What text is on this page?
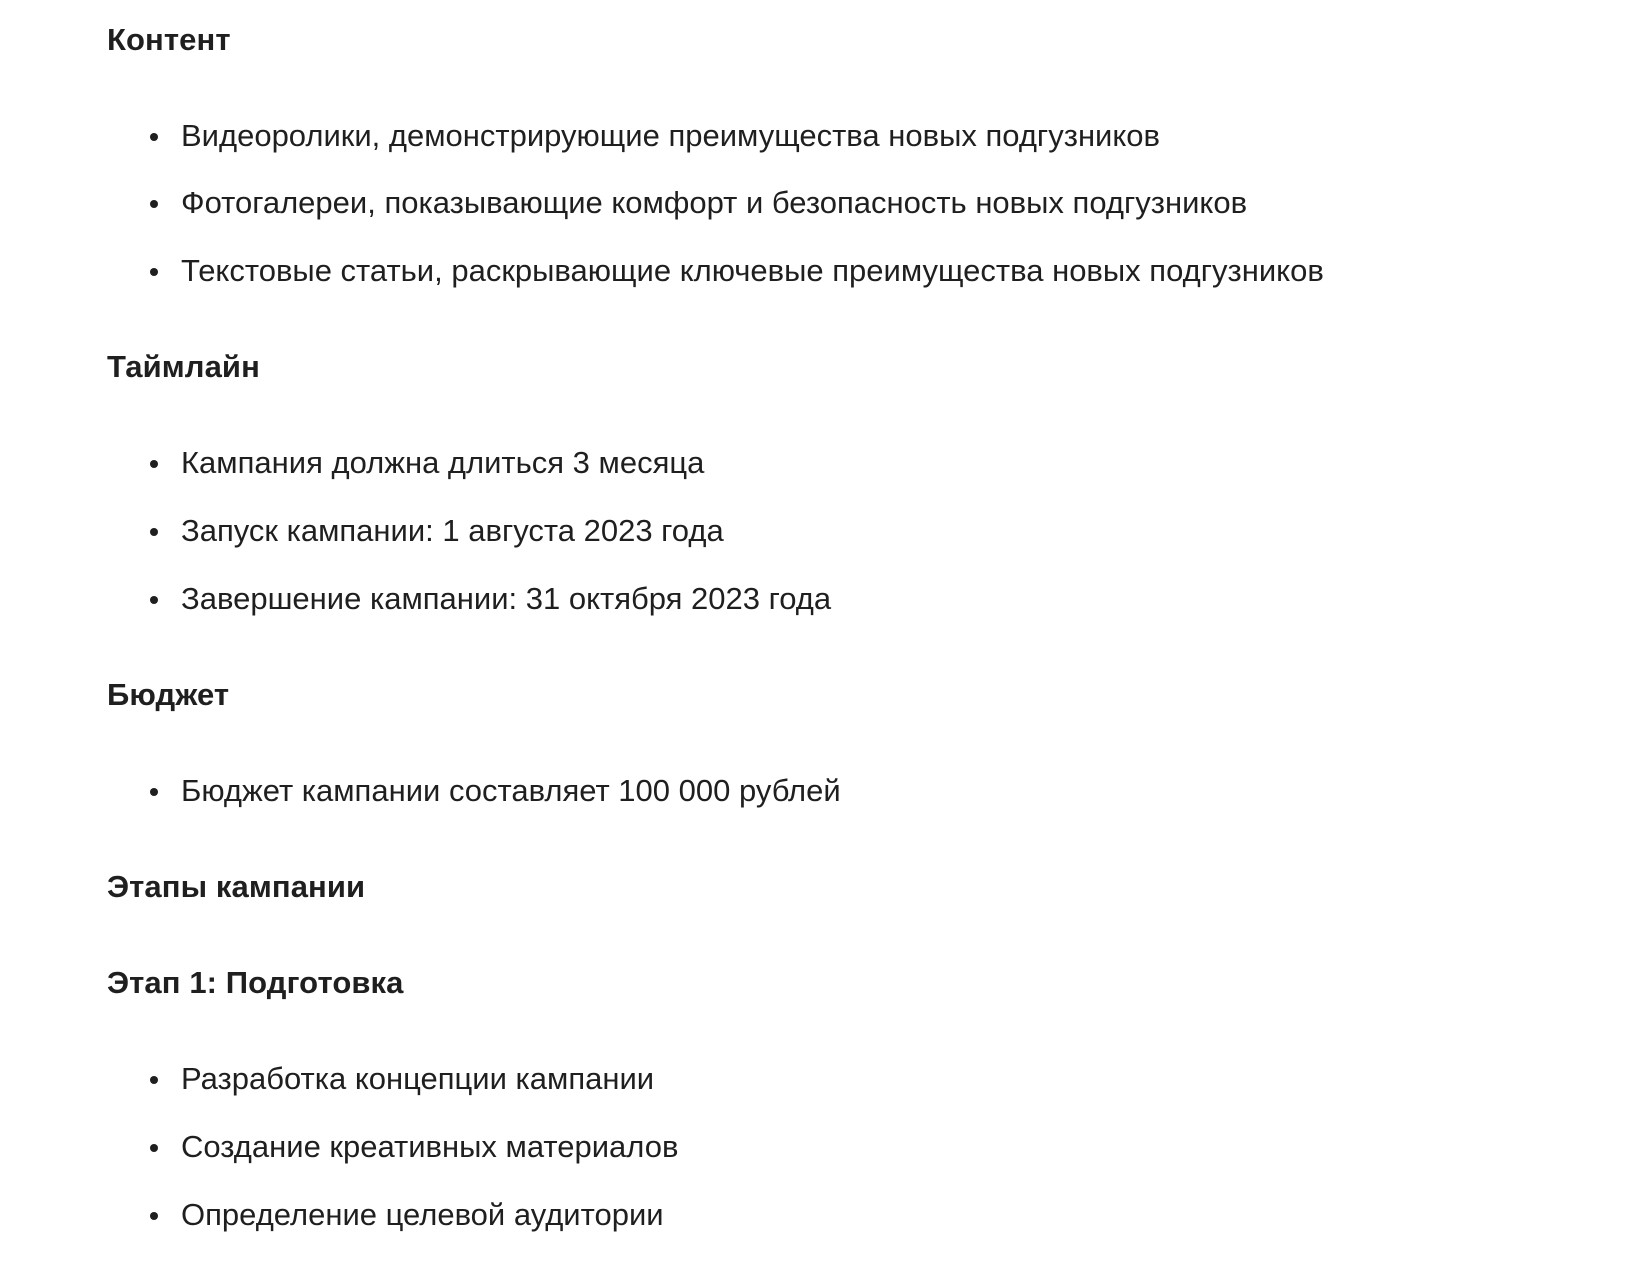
Контент
Видеоролики, демонстрирующие преимущества новых подгузников
Фотогалереи, показывающие комфорт и безопасность новых подгузников
Текстовые статьи, раскрывающие ключевые преимущества новых подгузников
Таймлайн
Кампания должна длиться 3 месяца
Запуск кампании: 1 августа 2023 года
Завершение кампании: 31 октября 2023 года
Бюджет
Бюджет кампании составляет 100 000 рублей
Этапы кампании
Этап 1: Подготовка
Разработка концепции кампании
Создание креативных материалов
Определение целевой аудитории
